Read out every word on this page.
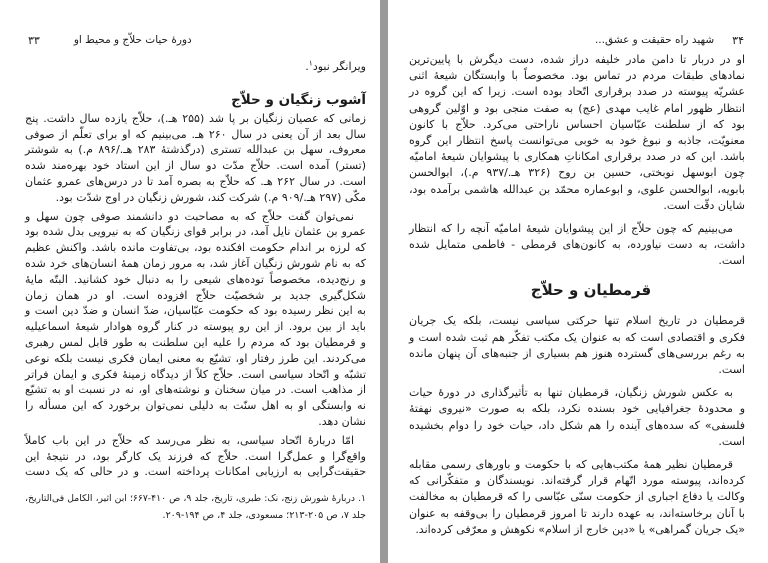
۳۳	دورهٔ حیات حلاّج و محیط او
ویرانگر نبود$^۱$.
آشوب زنگیان و حلاّج
زمانی که عصیان زنگیان بر پا شد (۲۵۵ هـ.)، حلاّج یازده سال داشت. پنج
سال بعد از آن یعنی در سال ۲۶۰ هـ. می‌بینیم که او برای تعلّم از صوفی
معروف، سهل بن عبدالله تستری (درگذشتهٔ ۲۸۳ هـ./۸۹۶ م.) به شوشتر
(تستر) آمده است. حلاّج مدّت دو سال از این استاد خود بهره‌مند شده
است. در سال ۲۶۲ هـ. که حلاّج به بصره آمد تا در درس‌های عمرو عثمان
مکّی (۲۹۷ هـ./۹۰۹ م.) شرکت کند، شورش زنگیان در اوج شدّت بود.
نمی‌توان گفت حلاّج که به مصاحبت دو دانشمند صوفی چون سهل و
عمرو بن عثمان نایل آمد، در برابر قوای زنگیان که به نیرویی بدل شده بود
که لرزه بر اندام حکومت افکنده بود، بی‌تفاوت مانده باشد. واکنش عظیم
که به نام شورش زنگیان آغاز شد، به مرور زمان همهٔ انسان‌های خرد شده
و رنج‌دیده، مخصوصاً توده‌های شیعی را به دنبال خود کشانید. البتّه مایهٔ
شکل‌گیری جدید بر شخصیّت حلاّج افزوده است. او در همان زمان
به این نظر رسیده بود که حکومت عبّاسیان، ضدّ انسان و ضدّ دین است و
باید از بین برود. از این رو پیوسته در کنار گروه هوادار شیعهٔ اسماعیلیه
و قرمطیان بود که مردم را علیه این سلطنت به طور قابل لمس رهبری
می‌کردند. این طرز رفتار او، تشیّع به معنی ایمان فکری نیست بلکه نوعی
تشبّه و اتّحاد سیاسی است. حلاّج کلاً از دیدگاه زمینهٔ فکری و ایمان فراتر
از مذاهب است. در میان سخنان و نوشته‌های او، نه در نسبت او به تشیّع
نه وابستگی او به اهل سنّت به دلیلی نمی‌توان برخورد که این مسأله را
نشان دهد.
امّا دربارهٔ اتّحاد سیاسی، به نظر می‌رسد که حلاّج در این باب کاملاً
واقع‌گرا و عمل‌گرا است. حلاّج که فرزند یک کارگر بود، در نتیجهٔ این
حقیقت‌گرایی به ارزیابی امکانات پرداخته است. و در حالی که یک دست
۱. دربارهٔ شورش زنج، نک: طبری، تاریخ، جلد ۹، ص ۴۱۰-۶۶۷؛ ابن اثیر، الکامل فی‌التاریخ،
جلد ۷، ص ۲۰۵-۲۱۳؛ مسعودی، جلد ۴، ص ۱۹۴-۲۰۹.
شهید راه حقیقت و عشق... ۳۴
او در دربار تا دامن مادر خلیفه دراز شده، دست دیگرش با پایین‌ترین
نمادهای طبقات مردم در تماس بود. مخصوصاً با وابستگان شیعهٔ اثنی
عشریّه پیوسته در صدد برقراری اتّحاد بوده است. زیرا که این گروه در
انتظار ظهور امام غایب مهدی (عج) به صفت منجی بود و اوّلین گروهی
بود که از سلطنت عبّاسیان احساس ناراحتی می‌کرد. حلاّج با کانون
معنویّت، جاذبه و نبوغ خود به خوبی می‌توانست پاسخ انتظار این گروه
باشد. این که در صدد برقراری امکاناتِ همکاری با پیشوایان شیعهٔ امامیّه
چون ابوسهل نوبختی، حسین بن روح (۳۲۶ هـ./۹۳۷ م.)، ابوالحسن
بابویه، ابوالحسن علوی، و ابوعماره محمّد بن عبدالله هاشمی برآمده بود،
شایان دقّت است.
می‌بینیم که چون حلاّج از این پیشوایان شیعهٔ امامیّه آنچه را که انتظار
داشت، به دست نیاورده، به کانون‌های قرمطی - فاطمی متمایل شده
است.
قرمطیان و حلاّج
قرمطیان در تاریخ اسلام تنها حرکتی سیاسی نیست، بلکه یک جریان
فکری و اقتصادی است که به عنوان یک مکتب تفکّر هم ثبت شده است و
به رغم بررسی‌های گسترده هنوز هم بسیاری از جنبه‌های آن پنهان مانده
است.
به عکس شورش زنگیان، قرمطیان تنها به تأثیرگذاری در دورهٔ حیات
و محدودهٔ جغرافیایی خود بسنده نکرد، بلکه به صورت «نیروی نهفتهٔ
فلسفی» که سده‌های آینده را هم شکل داد، حیات خود را دوام بخشیده
است.
قرمطیان نظیر همهٔ مکتب‌هایی که با حکومت و باورهای رسمی مقابله
کرده‌اند، پیوسته مورد اتّهام قرار گرفته‌اند. نویسندگان و متفکّرانی که
وکالت یا دفاع اجباری از حکومت سنّی عبّاسی را که قرمطیان به مخالفت
با آنان برخاسته‌اند، به عهده دارند تا امروز قرمطیان را بی‌وقفه به عنوان
«یک جریان گمراهی» یا «دین خارج از اسلام» نکوهش و معرّفی کرده‌اند.
